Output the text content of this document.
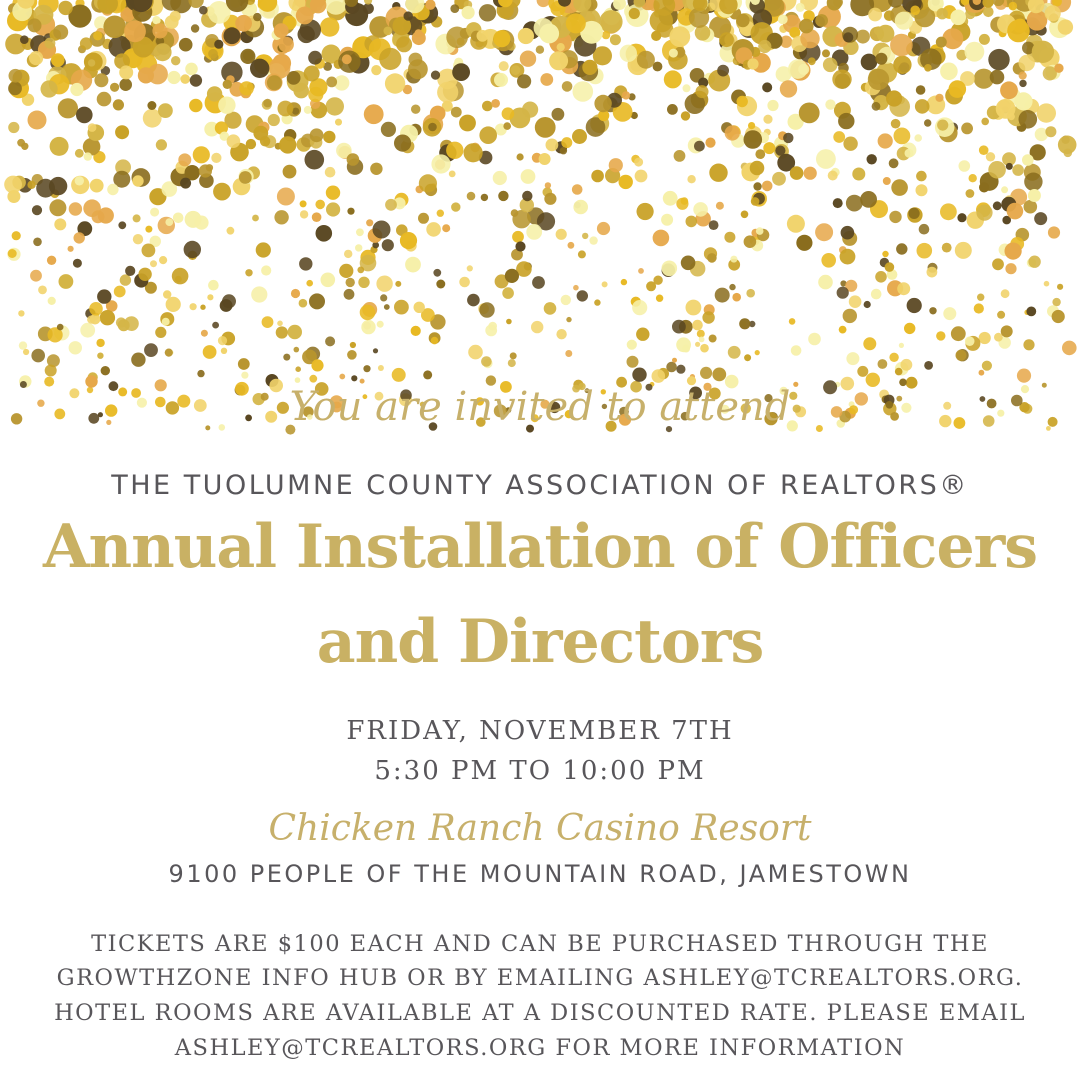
You are invited to attend
THE TUOLUMNE COUNTY ASSOCIATION OF REALTORS®
Annual Installation of Officers
and Directors
FRIDAY, NOVEMBER 7TH
5:30 PM TO 10:00 PM
Chicken Ranch Casino Resort
9100 PEOPLE OF THE MOUNTAIN ROAD, JAMESTOWN
TICKETS ARE $100 EACH AND CAN BE PURCHASED THROUGH THE
GROWTHZONE INFO HUB OR BY EMAILING ASHLEY@TCREALTORS.ORG.
HOTEL ROOMS ARE AVAILABLE AT A DISCOUNTED RATE. PLEASE EMAIL
ASHLEY@TCREALTORS.ORG FOR MORE INFORMATION
